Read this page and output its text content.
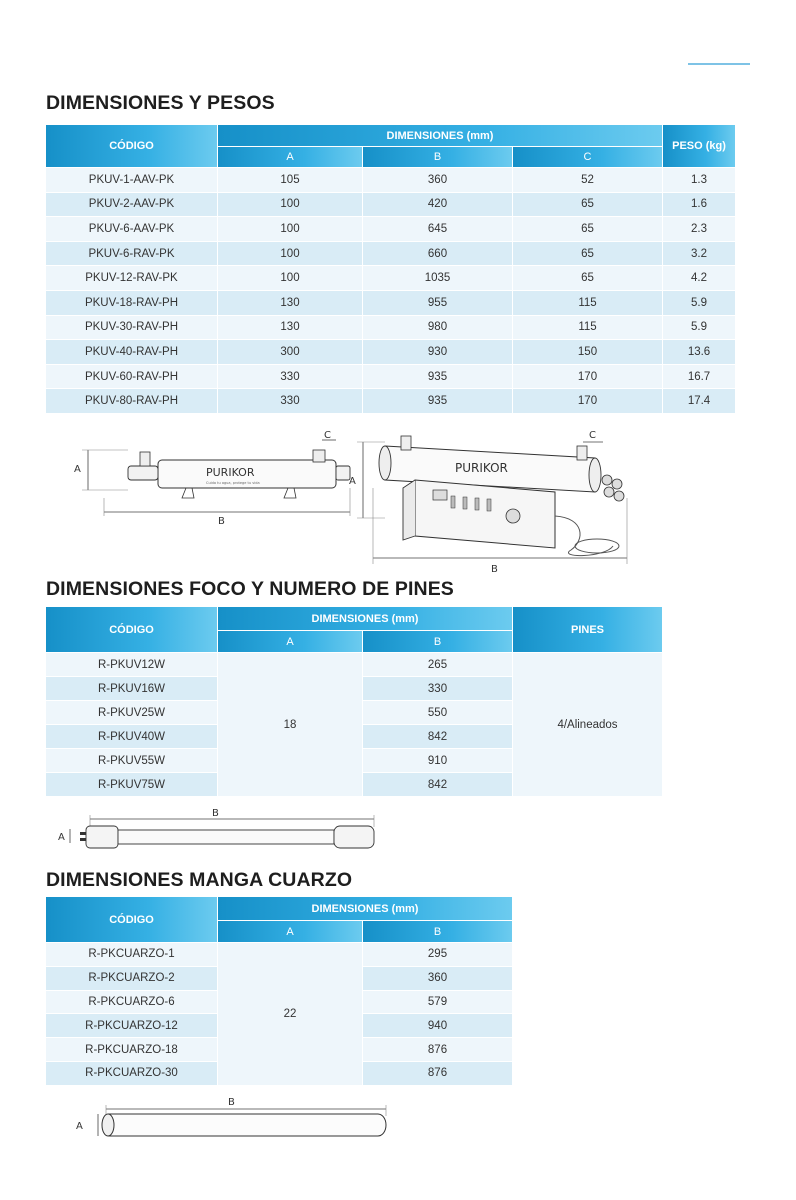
DIMENSIONES Y PESOS
CÓDIGO	DIMENSIONES (mm)			PESO (kg)
	A	B	C	
PKUV-1-AAV-PK	105	360	52	1.3
PKUV-2-AAV-PK	100	420	65	1.6
PKUV-6-AAV-PK	100	645	65	2.3
PKUV-6-RAV-PK	100	660	65	3.2
PKUV-12-RAV-PK	100	1035	65	4.2
PKUV-18-RAV-PH	130	955	115	5.9
PKUV-30-RAV-PH	130	980	115	5.9
PKUV-40-RAV-PH	300	930	150	13.6
PKUV-60-RAV-PH	330	935	170	16.7
PKUV-80-RAV-PH	330	935	170	17.4
A	PURIKOR
Cuida tu agua, protege tu vida
C
B
A
PURIKOR
C
B
DIMENSIONES FOCO Y NUMERO DE PINES
CÓDIGO	DIMENSIONES (mm)		PINES
	A	B	
R-PKUV12W	18	265	4/Alineados
R-PKUV16W		330	
R-PKUV25W		550	
R-PKUV40W		842	
R-PKUV55W		910	
R-PKUV75W		842	
B
A
DIMENSIONES MANGA CUARZO
CÓDIGO	DIMENSIONES (mm)	
	A	B
R-PKCUARZO-1	22	295
R-PKCUARZO-2		360
R-PKCUARZO-6		579
R-PKCUARZO-12		940
R-PKCUARZO-18		876
R-PKCUARZO-30		876
B
A
